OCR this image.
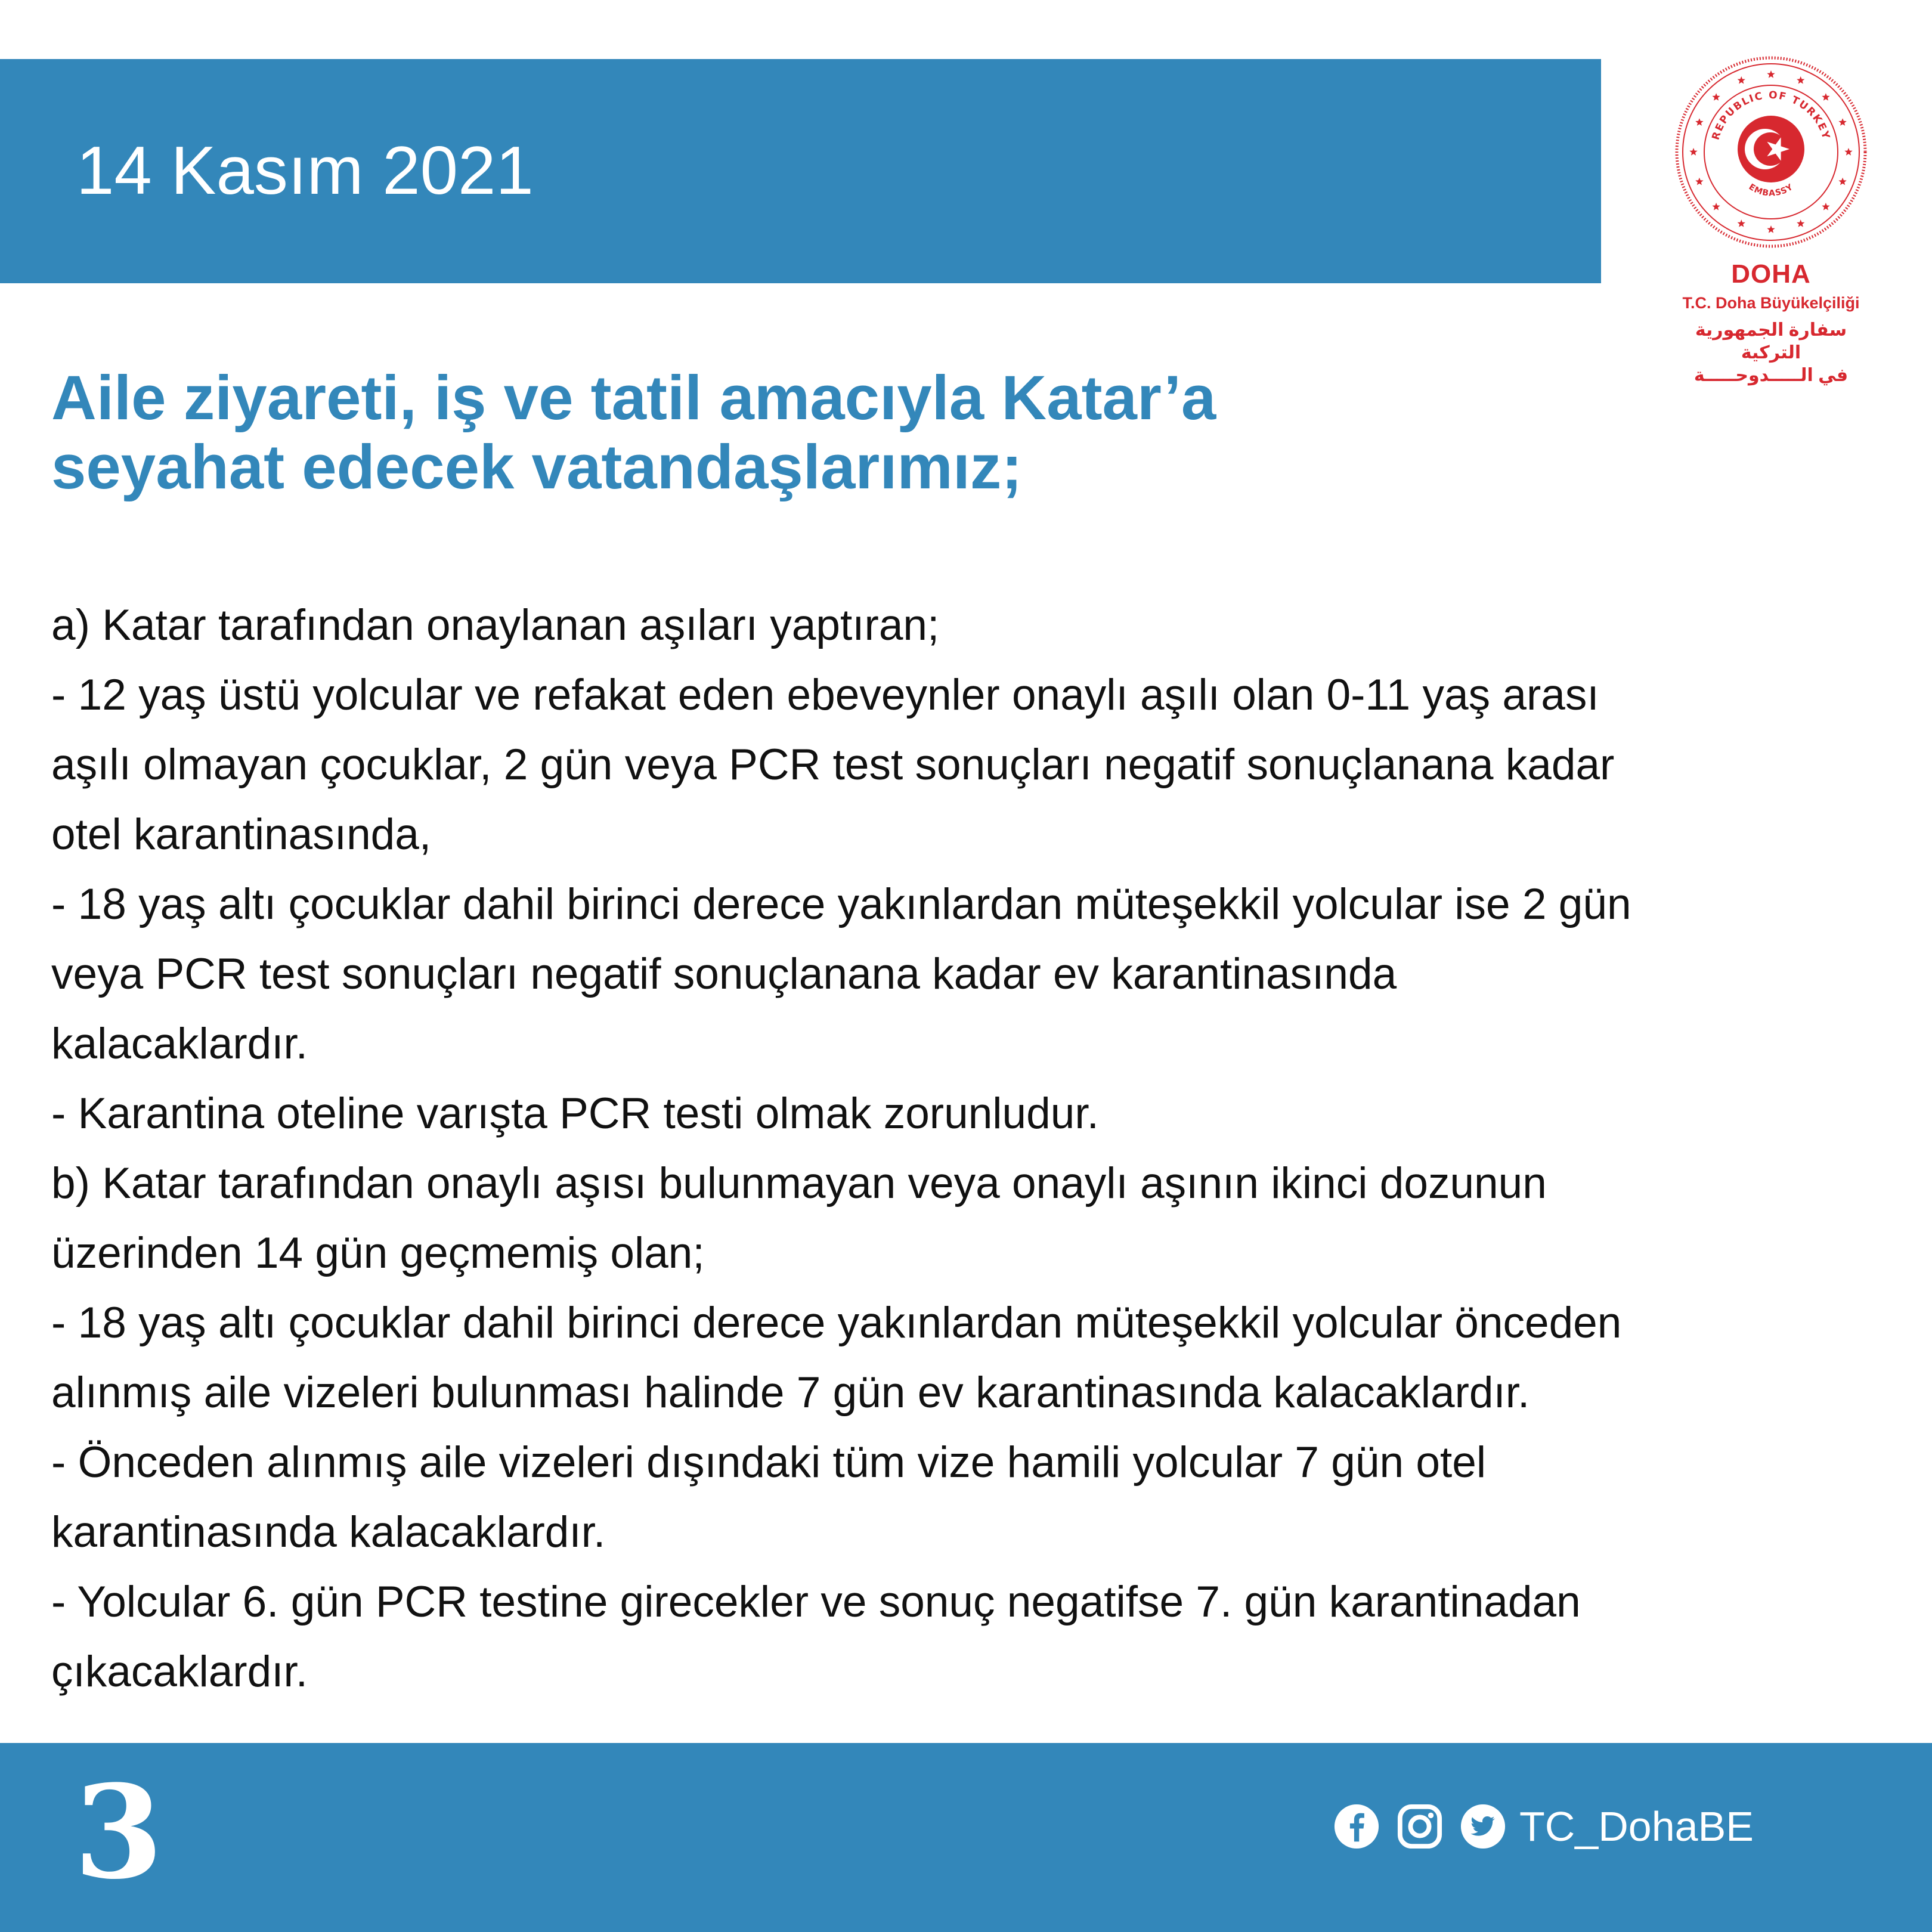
14 Kasım 2021	REPUBLIC OF TURKEY
EMBASSY
DOHA
T.C. Doha Büyükelçiliği
سفارة الجمهورية التركية
في الـــــدوحـــــة
Aile ziyareti, iş ve tatil amacıyla Katar’a
seyahat edecek vatandaşlarımız;
a) Katar tarafından onaylanan aşıları yaptıran;
- 12 yaş üstü yolcular ve refakat eden ebeveynler onaylı aşılı olan 0-11 yaş arası
aşılı olmayan çocuklar, 2 gün veya PCR test sonuçları negatif sonuçlanana kadar
otel karantinasında,
- 18 yaş altı çocuklar dahil birinci derece yakınlardan müteşekkil yolcular ise 2 gün
veya PCR test sonuçları negatif sonuçlanana kadar ev karantinasında
kalacaklardır.
- Karantina oteline varışta PCR testi olmak zorunludur.
b) Katar tarafından onaylı aşısı bulunmayan veya onaylı aşının ikinci dozunun
üzerinden 14 gün geçmemiş olan;
- 18 yaş altı çocuklar dahil birinci derece yakınlardan müteşekkil yolcular önceden
alınmış aile vizeleri bulunması halinde 7 gün ev karantinasında kalacaklardır.
- Önceden alınmış aile vizeleri dışındaki tüm vize hamili yolcular 7 gün otel
karantinasında kalacaklardır.
- Yolcular 6. gün PCR testine girecekler ve sonuç negatifse 7. gün karantinadan
çıkacaklardır.
3	TC_DohaBE
